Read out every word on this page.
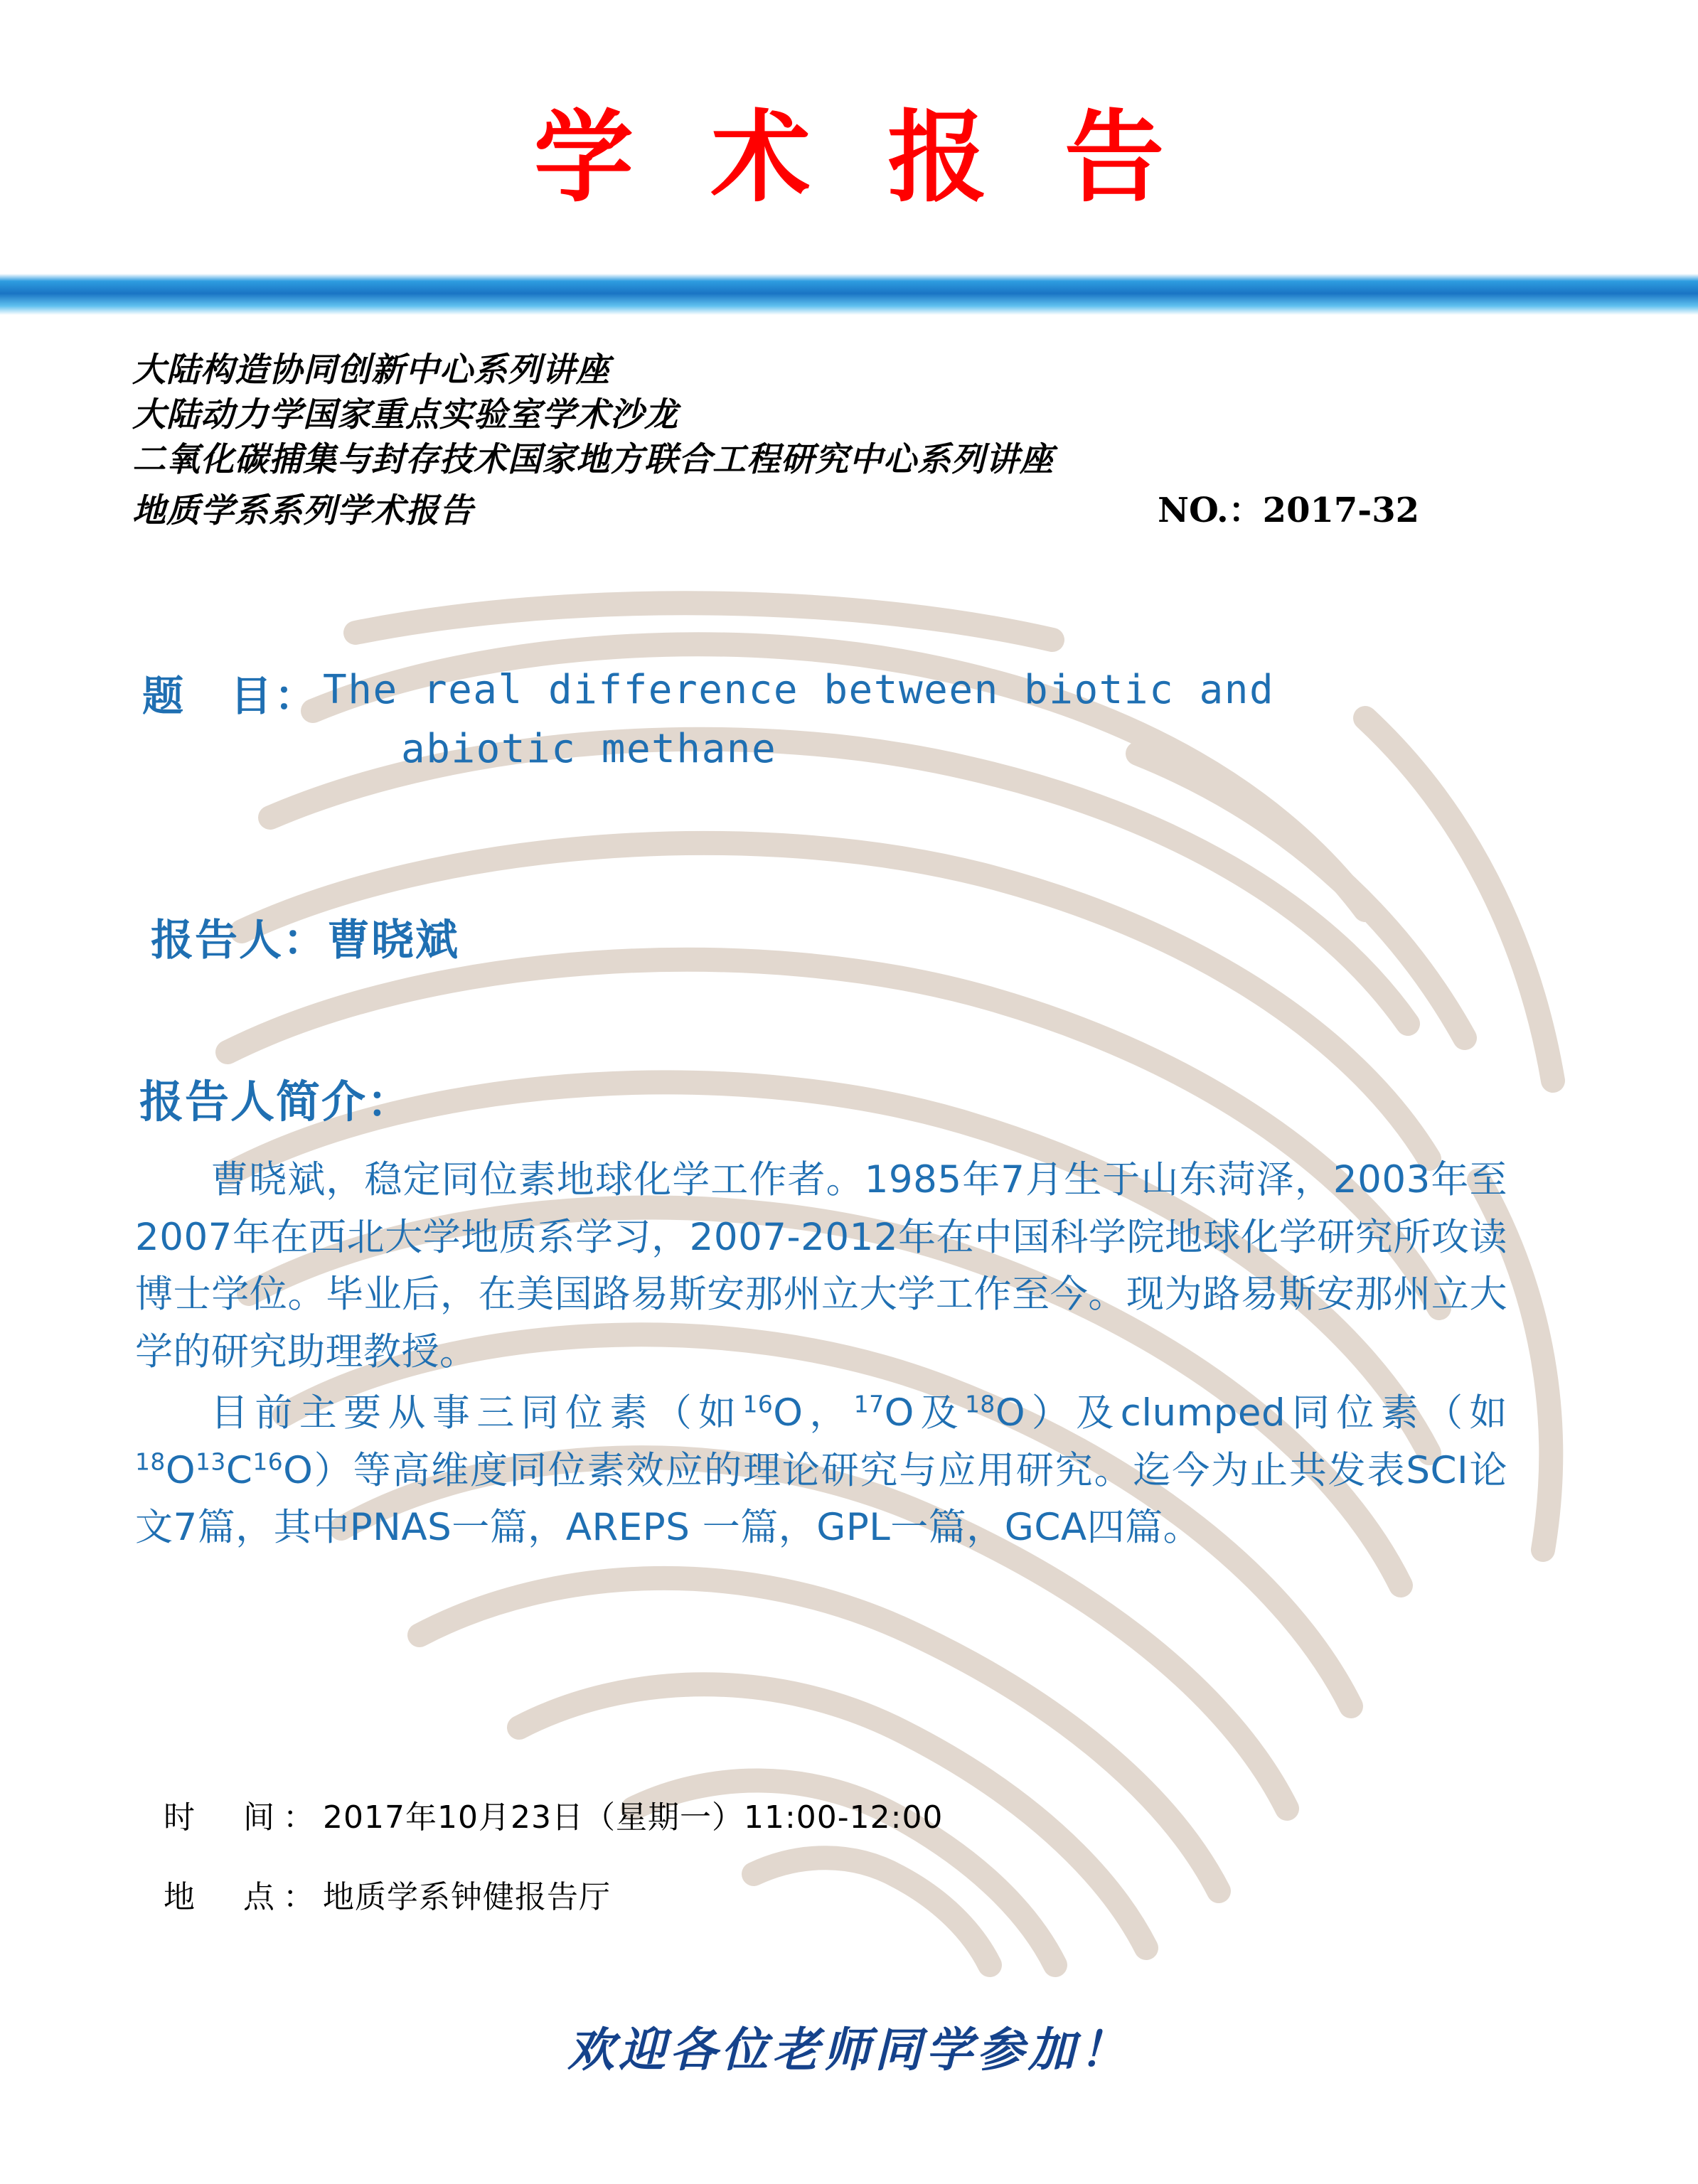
学 术 报 告
大陆构造协同创新中心系列讲座
大陆动力学国家重点实验室学术沙龙
二氧化碳捕集与封存技术国家地方联合工程研究中心系列讲座
地质学系系列学术报告	NO.：2017-32
题　目： The real difference between biotic and
abiotic methane
报告人：曹晓斌
报告人简介：

曹晓斌，稳定同位素地球化学工作者。1985年7月生于山东菏泽，2003年至2007年在西北大学地质系学习，2007-2012年在中国科学院地球化学研究所攻读博士学位。毕业后，在美国路易斯安那州立大学工作至今。现为路易斯安那州立大学的研究助理教授。

目前主要从事三同位素（如$^{16}$O，$^{17}$O及$^{18}$O）及clumped同位素（如$^{18}O^{13}C^{16}O$）等高维度同位素效应的理论研究与应用研究。迄今为止共发表SCI论文7篇，其中PNAS一篇，AREPS 一篇，GPL一篇，GCA四篇。

时　间：2017年10月23日（星期一）11:00-12:00
地　点：地质学系钟健报告厅
欢迎各位老师同学参加！
